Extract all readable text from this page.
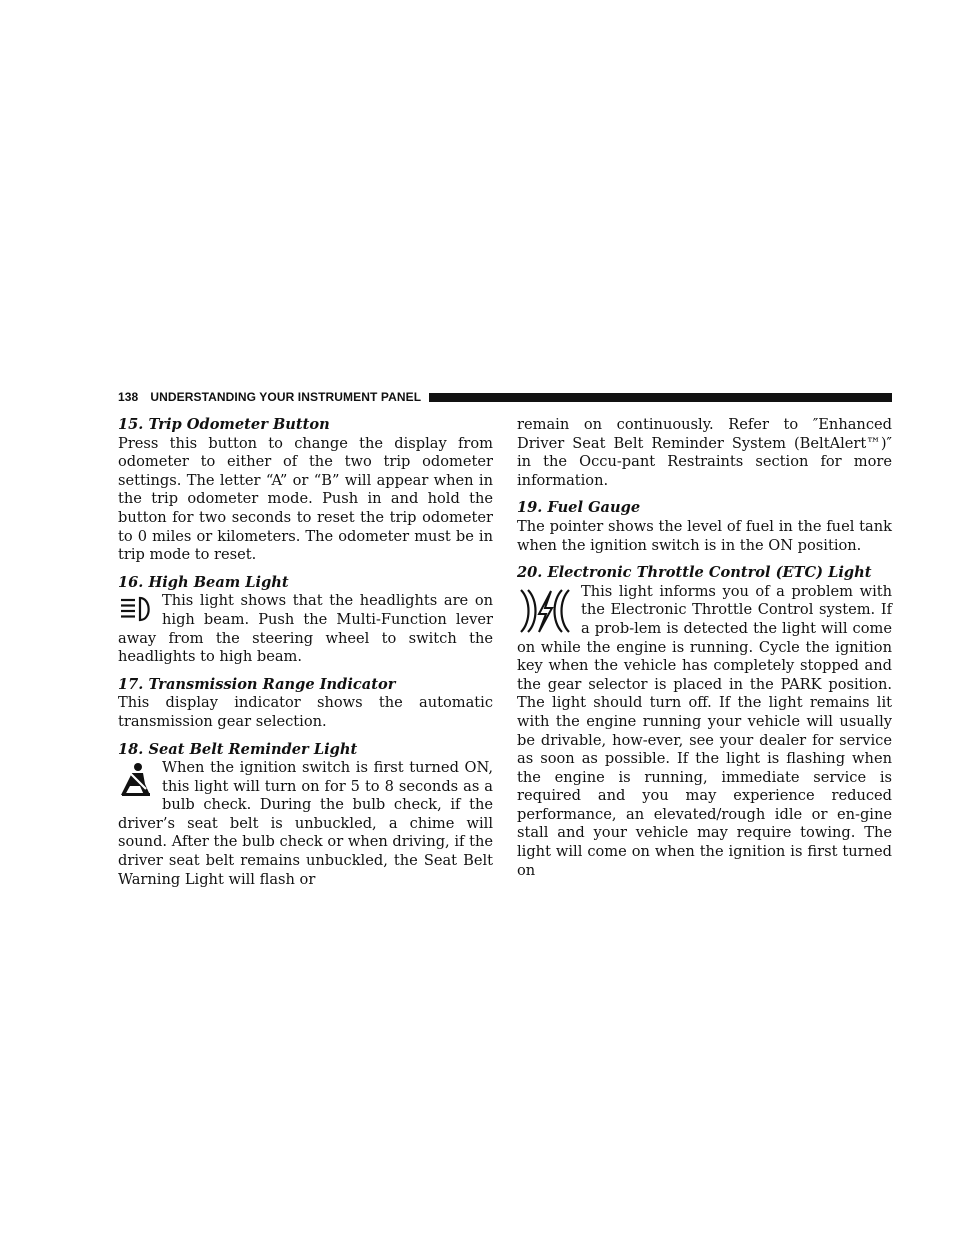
138 UNDERSTANDING YOUR INSTRUMENT PANEL

15. Trip Odometer Button

Press this button to change the display from odometer to either of the two trip odometer settings. The letter “A” or “B” will appear when in the trip odometer mode. Push in and hold the button for two seconds to reset the trip odometer to 0 miles or kilometers. The odometer must be in trip mode to reset.

16. High Beam Light

This light shows that the headlights are on high beam. Push the Multi-Function lever away from the steering wheel to switch the headlights to high beam.

17. Transmission Range Indicator

This display indicator shows the automatic transmission gear selection.

18. Seat Belt Reminder Light

When the ignition switch is first turned ON, this light will turn on for 5 to 8 seconds as a bulb check. During the bulb check, if the driver’s seat belt is unbuckled, a chime will sound. After the bulb check or when driving, if the driver seat belt remains unbuckled, the Seat Belt Warning Light will flash or

remain on continuously. Refer to ″Enhanced Driver Seat Belt Reminder System (BeltAlert™)″ in the Occu-pant Restraints section for more information.

19. Fuel Gauge

The pointer shows the level of fuel in the fuel tank when the ignition switch is in the ON position.

20. Electronic Throttle Control (ETC) Light

This light informs you of a problem with the Electronic Throttle Control system. If a prob-lem is detected the light will come on while the engine is running. Cycle the ignition key when the vehicle has completely stopped and the gear selector is placed in the PARK position. The light should turn off. If the light remains lit with the engine running your vehicle will usually be drivable, how-ever, see your dealer for service as soon as possible. If the light is flashing when the engine is running, immediate service is required and you may experience reduced performance, an elevated/rough idle or en-gine stall and your vehicle may require towing. The light will come on when the ignition is first turned on
